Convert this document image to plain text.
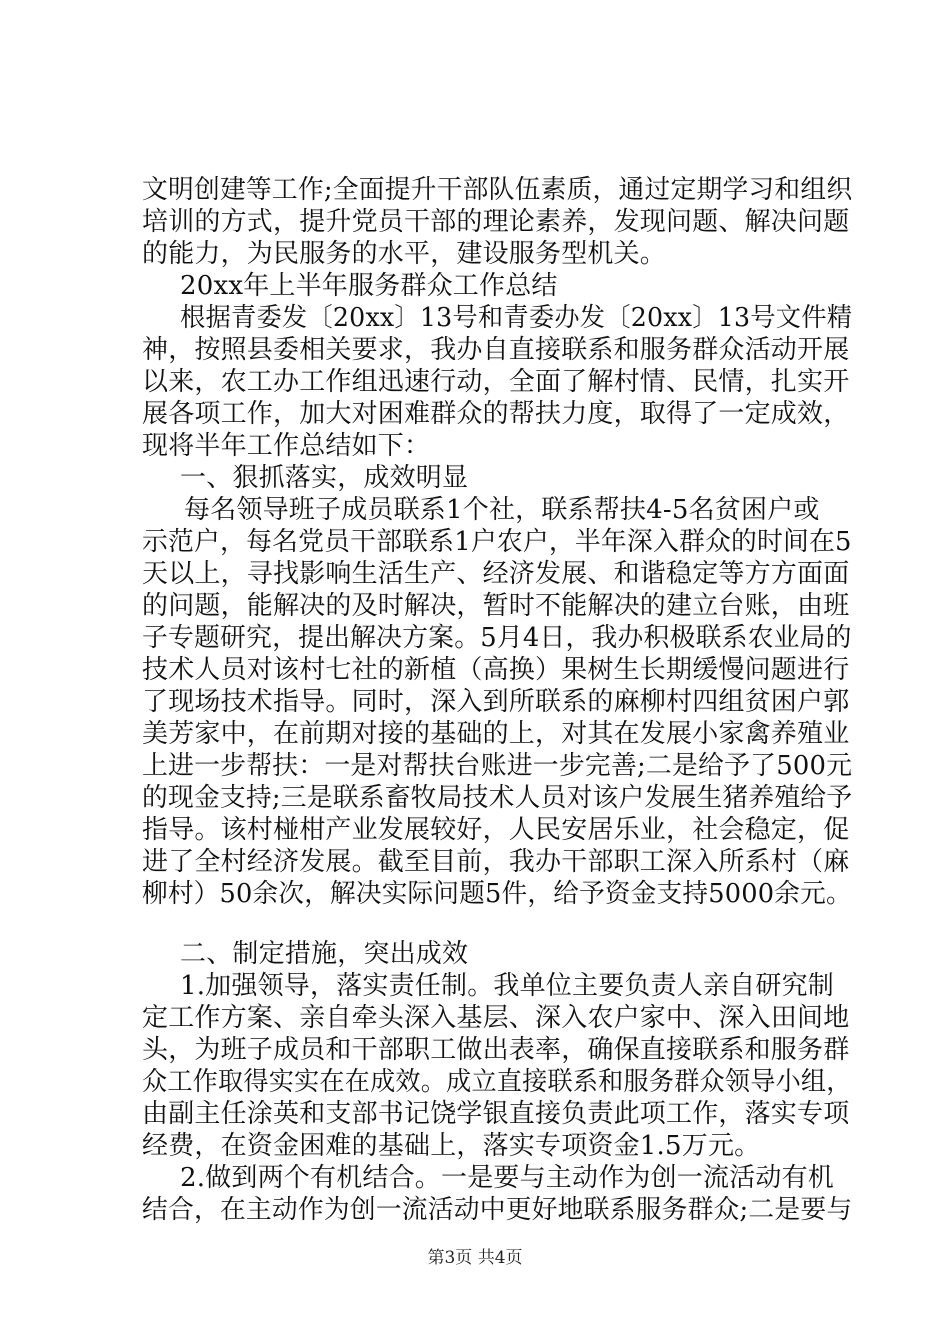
文明创建等工作;全面提升干部队伍素质，通过定期学习和组织
培训的方式，提升党员干部的理论素养，发现问题、解决问题
的能力，为民服务的水平，建设服务型机关。
20xx年上半年服务群众工作总结
根据青委发〔20xx〕13号和青委办发〔20xx〕13号文件精
神，按照县委相关要求，我办自直接联系和服务群众活动开展
以来，农工办工作组迅速行动，全面了解村情、民情，扎实开
展各项工作，加大对困难群众的帮扶力度，取得了一定成效，
现将半年工作总结如下：
一、狠抓落实，成效明显
每名领导班子成员联系1个社，联系帮扶4-5名贫困户或
示范户，每名党员干部联系1户农户，半年深入群众的时间在5
天以上，寻找影响生活生产、经济发展、和谐稳定等方方面面
的问题，能解决的及时解决，暂时不能解决的建立台账，由班
子专题研究，提出解决方案。5月4日，我办积极联系农业局的
技术人员对该村七社的新植（高换）果树生长期缓慢问题进行
了现场技术指导。同时，深入到所联系的麻柳村四组贫困户郭
美芳家中，在前期对接的基础的上，对其在发展小家禽养殖业
上进一步帮扶：一是对帮扶台账进一步完善;二是给予了500元
的现金支持;三是联系畜牧局技术人员对该户发展生猪养殖给予
指导。该村椪柑产业发展较好，人民安居乐业，社会稳定，促
进了全村经济发展。截至目前，我办干部职工深入所系村（麻
柳村）50余次，解决实际问题5件，给予资金支持5000余元。
二、制定措施，突出成效
1.加强领导，落实责任制。我单位主要负责人亲自研究制
定工作方案、亲自牵头深入基层、深入农户家中、深入田间地
头，为班子成员和干部职工做出表率，确保直接联系和服务群
众工作取得实实在在成效。成立直接联系和服务群众领导小组，
由副主任涂英和支部书记饶学银直接负责此项工作，落实专项
经费，在资金困难的基础上，落实专项资金1.5万元。
2.做到两个有机结合。一是要与主动作为创一流活动有机
结合，在主动作为创一流活动中更好地联系服务群众;二是要与
第3页 共4页
